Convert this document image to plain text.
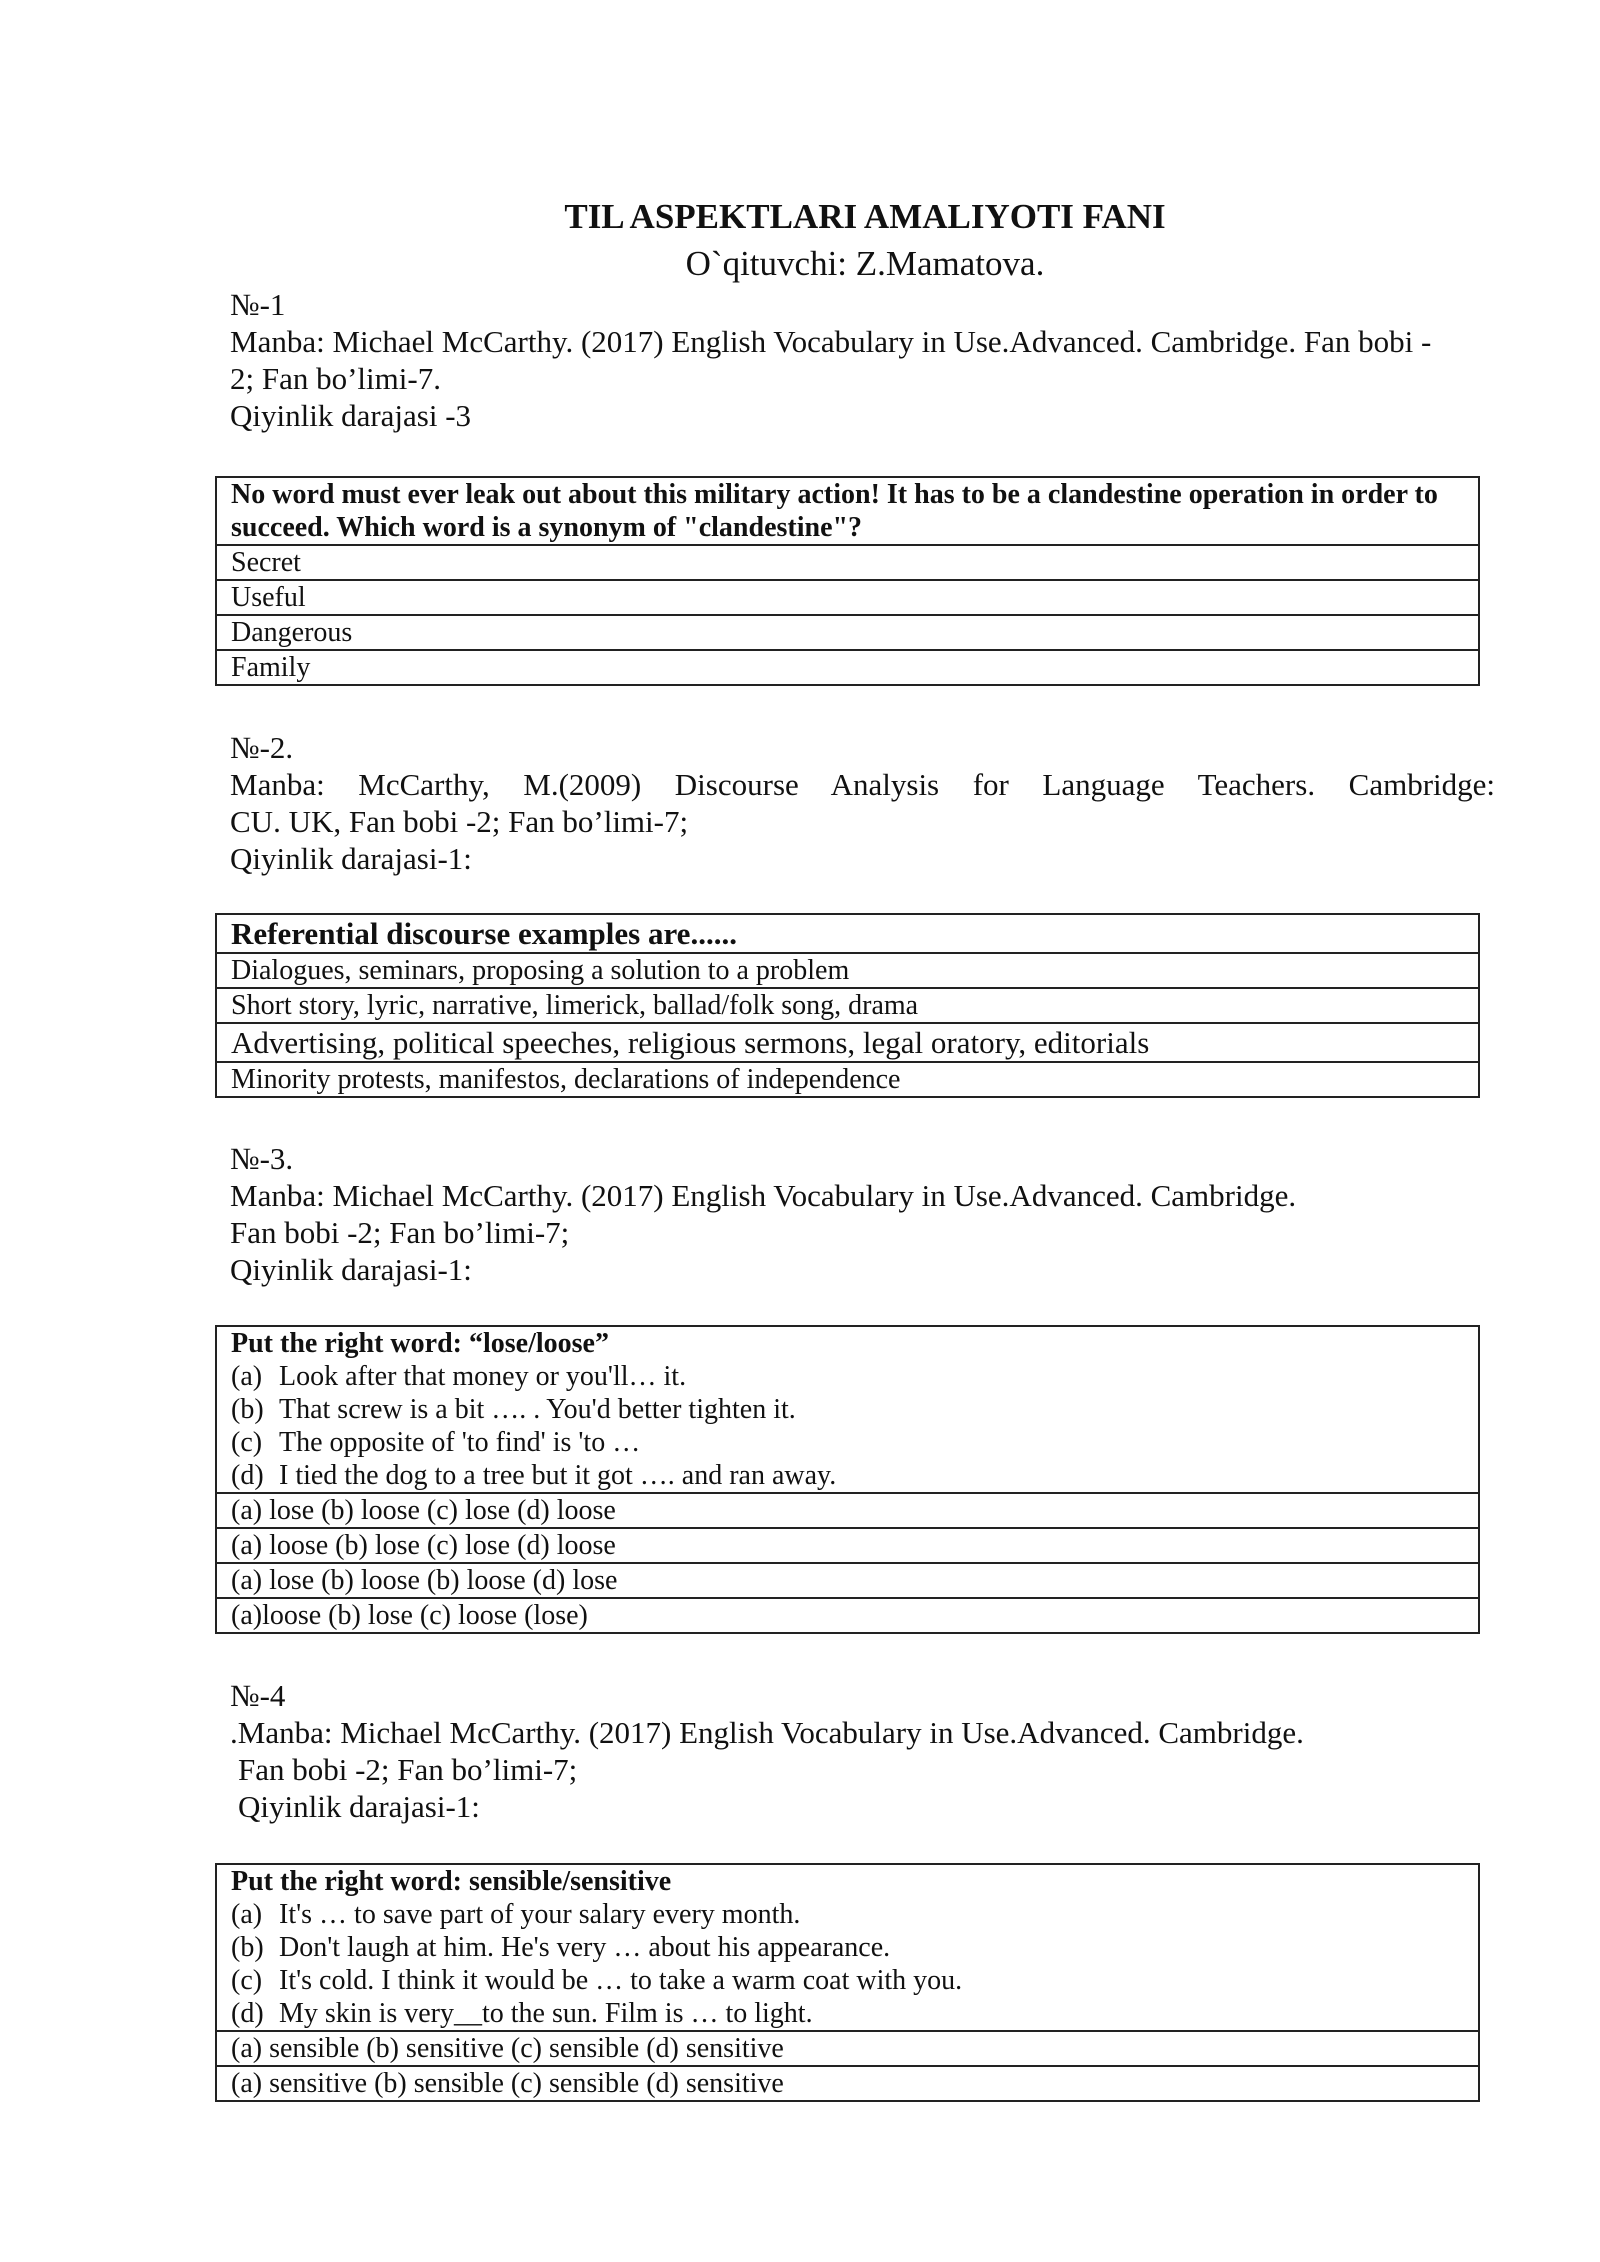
TIL ASPEKTLARI AMALIYOTI FANI
O`qituvchi: Z.Mamatova.
№-1
Manba: Michael McCarthy. (2017) English Vocabulary in Use.Advanced. Cambridge. Fan bobi -
2; Fan bo’limi-7.
Qiyinlik darajasi -3
No word must ever leak out about this military action! It has to be a clandestine operation in order to succeed. Which word is a synonym of "clandestine"?
Secret
Useful
Dangerous
Family
№-2.
Manba: McCarthy, M.(2009) Discourse Analysis for Language Teachers. Cambridge:
CU. UK, Fan bobi -2; Fan bo’limi-7;
Qiyinlik darajasi-1:
Referential discourse examples are......
Dialogues, seminars, proposing a solution to a problem
Short story, lyric, narrative, limerick, ballad/folk song, drama
Advertising, political speeches, religious sermons, legal oratory, editorials
Minority protests, manifestos, declarations of independence
№-3.
Manba: Michael McCarthy. (2017) English Vocabulary in Use.Advanced. Cambridge.
Fan bobi -2; Fan bo’limi-7;
Qiyinlik darajasi-1:
Put the right word: “lose/loose”
(a) Look after that money or you'll… it.
(b) That screw is a bit …. . You'd better tighten it.
(c) The opposite of 'to find' is 'to …
(d) I tied the dog to a tree but it got …. and ran away.

(a) lose (b) loose (c) lose (d) loose
(a) loose (b) lose (c) lose (d) loose
(a) lose (b) loose (b) loose (d) lose
(a)loose (b) lose (c) loose (lose)
№-4
.Manba: Michael McCarthy. (2017) English Vocabulary in Use.Advanced. Cambridge.
Fan bobi -2; Fan bo’limi-7;
Qiyinlik darajasi-1:
Put the right word: sensible/sensitive
(a) It's … to save part of your salary every month.
(b) Don't laugh at him. He's very … about his appearance.
(c) It's cold. I think it would be … to take a warm coat with you.
(d) My skin is very__to the sun. Film is … to light.

(a) sensible (b) sensitive (c) sensible (d) sensitive
(a) sensitive (b) sensible (c) sensible (d) sensitive
